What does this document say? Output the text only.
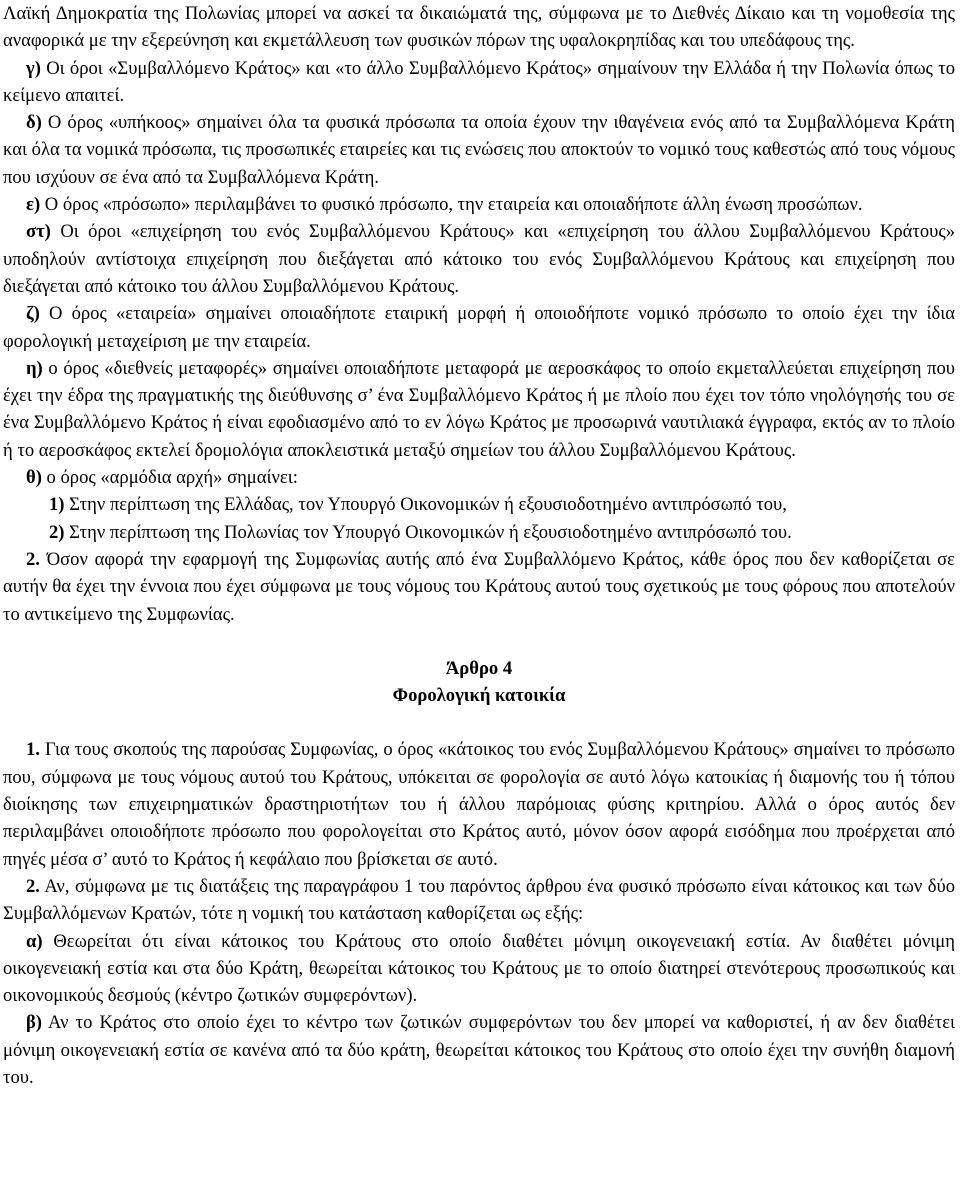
Λαϊκή Δημοκρατία της Πολωνίας μπορεί να ασκεί τα δικαιώματά της, σύμφωνα με το Διεθνές Δίκαιο και τη νομοθεσία της αναφορικά με την εξερεύνηση και εκμετάλλευση των φυσικών πόρων της υφαλοκρηπίδας και του υπεδάφους της.

γ) Οι όροι «Συμβαλλόμενο Κράτος» και «το άλλο Συμβαλλόμενο Κράτος» σημαίνουν την Ελλάδα ή την Πολωνία όπως το κείμενο απαιτεί.

δ) Ο όρος «υπήκοος» σημαίνει όλα τα φυσικά πρόσωπα τα οποία έχουν την ιθαγένεια ενός από τα Συμβαλλόμενα Κράτη και όλα τα νομικά πρόσωπα, τις προσωπικές εταιρείες και τις ενώσεις που αποκτούν το νομικό τους καθεστώς από τους νόμους που ισχύουν σε ένα από τα Συμβαλλόμενα Κράτη.

ε) Ο όρος «πρόσωπο» περιλαμβάνει το φυσικό πρόσωπο, την εταιρεία και οποιαδήποτε άλλη ένωση προσώπων.

στ) Οι όροι «επιχείρηση του ενός Συμβαλλόμενου Κράτους» και «επιχείρηση του άλλου Συμβαλλόμενου Κράτους» υποδηλούν αντίστοιχα επιχείρηση που διεξάγεται από κάτοικο του ενός Συμβαλλόμενου Κράτους και επιχείρηση που διεξάγεται από κάτοικο του άλλου Συμβαλλόμενου Κράτους.

ζ) Ο όρος «εταιρεία» σημαίνει οποιαδήποτε εταιρική μορφή ή οποιοδήποτε νομικό πρόσωπο το οποίο έχει την ίδια φορολογική μεταχείριση με την εταιρεία.

η) ο όρος «διεθνείς μεταφορές» σημαίνει οποιαδήποτε μεταφορά με αεροσκάφος το οποίο εκμεταλλεύεται επιχείρηση που έχει την έδρα της πραγματικής της διεύθυνσης σ’ ένα Συμβαλλόμενο Κράτος ή με πλοίο που έχει τον τόπο νηολόγησής του σε ένα Συμβαλλόμενο Κράτος ή είναι εφοδιασμένο από το εν λόγω Κράτος με προσωρινά ναυτιλιακά έγγραφα, εκτός αν το πλοίο ή το αεροσκάφος εκτελεί δρομολόγια αποκλειστικά μεταξύ σημείων του άλλου Συμβαλλόμενου Κράτους.

θ) ο όρος «αρμόδια αρχή» σημαίνει:

1) Στην περίπτωση της Ελλάδας, τον Υπουργό Οικονομικών ή εξουσιοδοτημένο αντιπρόσωπό του,

2) Στην περίπτωση της Πολωνίας τον Υπουργό Οικονομικών ή εξουσιοδοτημένο αντιπρόσωπό του.

2. Όσον αφορά την εφαρμογή της Συμφωνίας αυτής από ένα Συμβαλλόμενο Κράτος, κάθε όρος που δεν καθορίζεται σε αυτήν θα έχει την έννοια που έχει σύμφωνα με τους νόμους του Κράτους αυτού τους σχετικούς με τους φόρους που αποτελούν το αντικείμενο της Συμφωνίας.

Άρθρο 4

Φορολογική κατοικία

1. Για τους σκοπούς της παρούσας Συμφωνίας, ο όρος «κάτοικος του ενός Συμβαλλόμενου Κράτους» σημαίνει το πρόσωπο που, σύμφωνα με τους νόμους αυτού του Κράτους, υπόκειται σε φορολογία σε αυτό λόγω κατοικίας ή διαμονής του ή τόπου διοίκησης των επιχειρηματικών δραστηριοτήτων του ή άλλου παρόμοιας φύσης κριτηρίου. Αλλά ο όρος αυτός δεν περιλαμβάνει οποιοδήποτε πρόσωπο που φορολογείται στο Κράτος αυτό, μόνον όσον αφορά εισόδημα που προέρχεται από πηγές μέσα σ’ αυτό το Κράτος ή κεφάλαιο που βρίσκεται σε αυτό.

2. Αν, σύμφωνα με τις διατάξεις της παραγράφου 1 του παρόντος άρθρου ένα φυσικό πρόσωπο είναι κάτοικος και των δύο Συμβαλλόμενων Κρατών, τότε η νομική του κατάσταση καθορίζεται ως εξής:

α) Θεωρείται ότι είναι κάτοικος του Κράτους στο οποίο διαθέτει μόνιμη οικογενειακή εστία. Αν διαθέτει μόνιμη οικογενειακή εστία και στα δύο Κράτη, θεωρείται κάτοικος του Κράτους με το οποίο διατηρεί στενότερους προσωπικούς και οικονομικούς δεσμούς (κέντρο ζωτικών συμφερόντων).

β) Αν το Κράτος στο οποίο έχει το κέντρο των ζωτικών συμφερόντων του δεν μπορεί να καθοριστεί, ή αν δεν διαθέτει μόνιμη οικογενειακή εστία σε κανένα από τα δύο κράτη, θεωρείται κάτοικος του Κράτους στο οποίο έχει την συνήθη διαμονή του.
